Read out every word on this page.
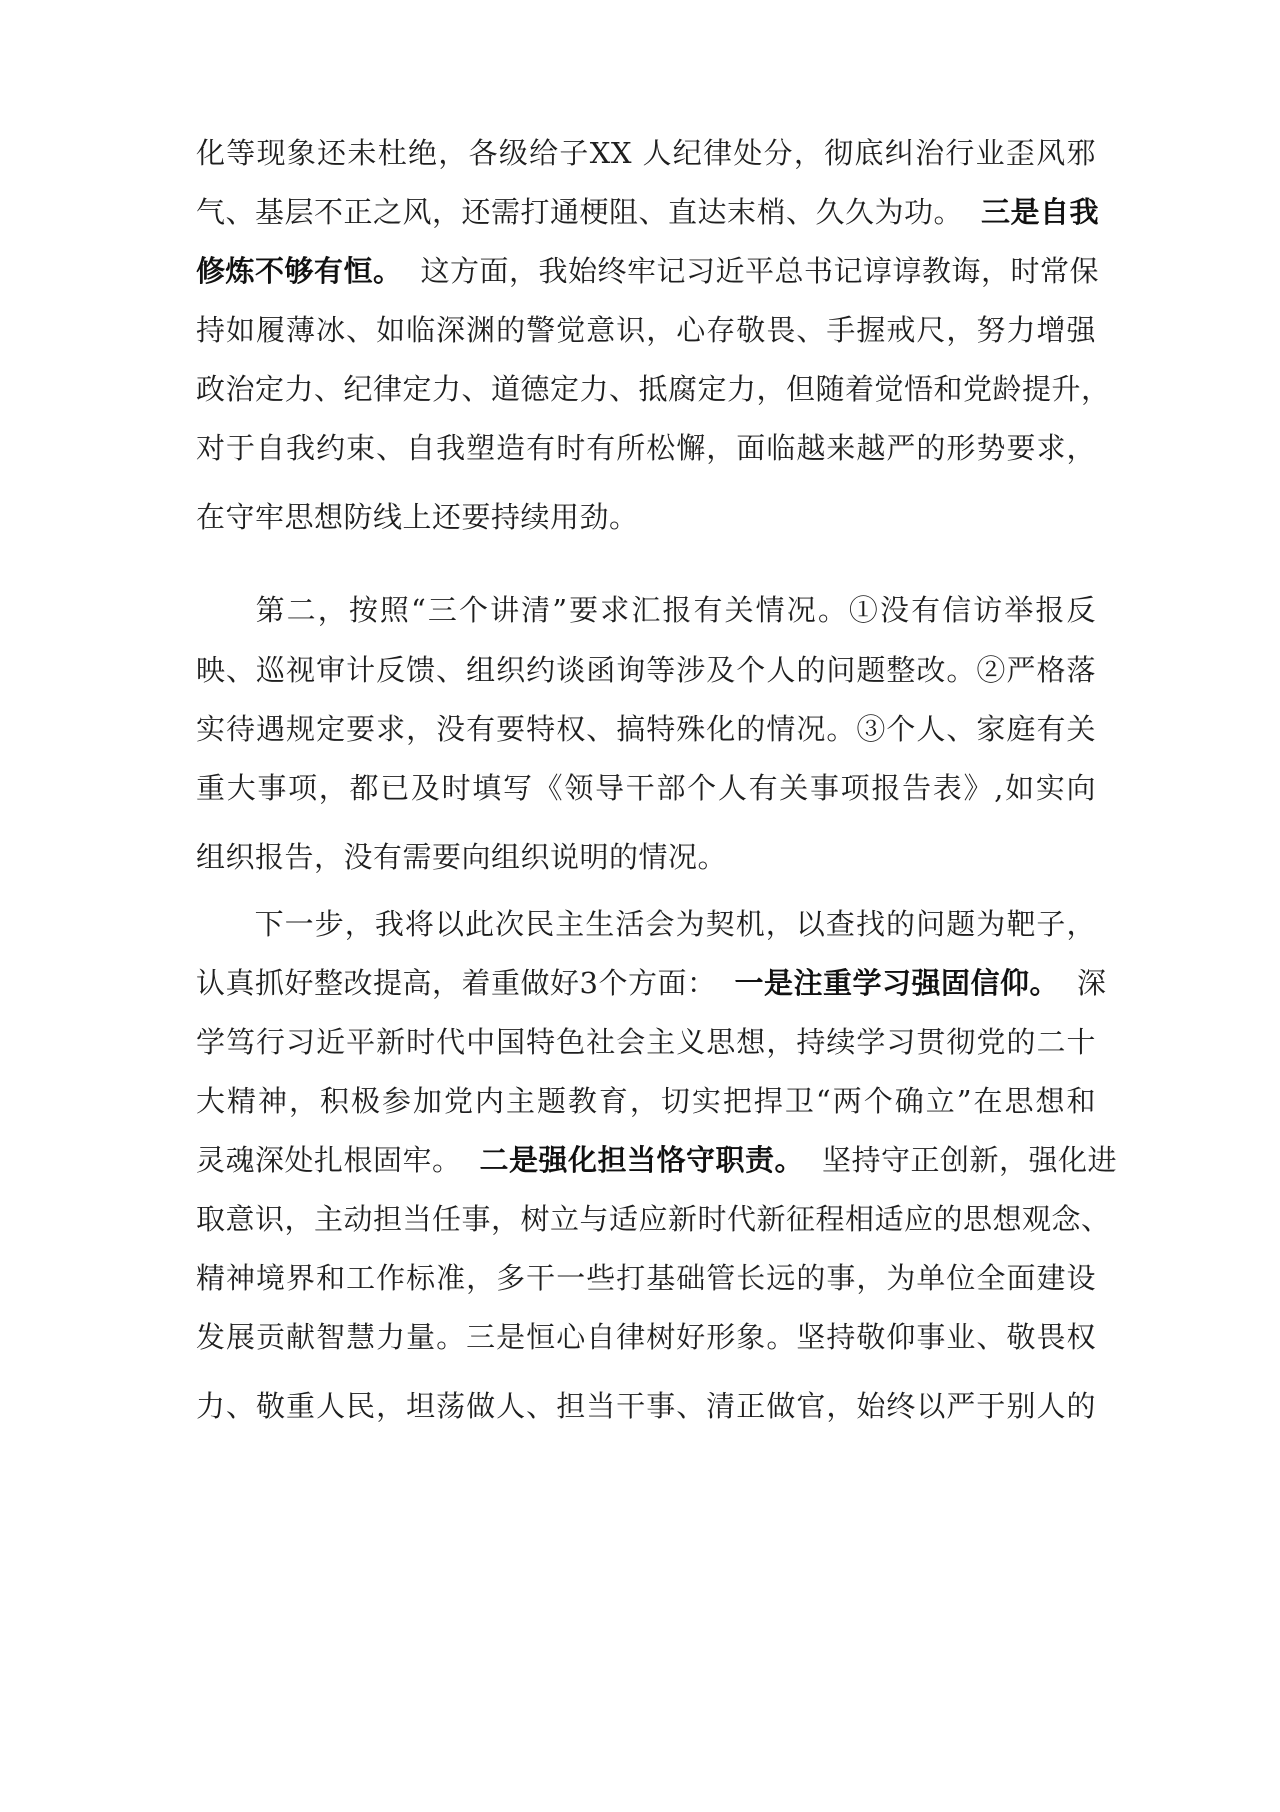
化等现象还未杜绝，各级给子XX 人纪律处分，彻底纠治行业歪风邪
气、基层不正之风，还需打通梗阻、直达末梢、久久为功。 三是自我
修炼不够有恒。 这方面，我始终牢记习近平总书记谆谆教诲，时常保
持如履薄冰、如临深渊的警觉意识，心存敬畏、手握戒尺，努力增强
政治定力、纪律定力、道德定力、抵腐定力，但随着觉悟和党龄提升，
对于自我约束、自我塑造有时有所松懈，面临越来越严的形势要求，
在守牢思想防线上还要持续用劲。
第二，按照“三个讲清”要求汇报有关情况。①没有信访举报反
映、巡视审计反馈、组织约谈函询等涉及个人的问题整改。②严格落
实待遇规定要求，没有要特权、搞特殊化的情况。③个人、家庭有关
重大事项，都已及时填写《领导干部个人有关事项报告表》,如实向
组织报告，没有需要向组织说明的情况。
下一步，我将以此次民主生活会为契机，以查找的问题为靶子，
认真抓好整改提高，着重做好3个方面： 一是注重学习强固信仰。 深
学笃行习近平新时代中国特色社会主义思想，持续学习贯彻党的二十
大精神，积极参加党内主题教育，切实把捍卫“两个确立”在思想和
灵魂深处扎根固牢。 二是强化担当恪守职责。 坚持守正创新，强化进
取意识，主动担当任事，树立与适应新时代新征程相适应的思想观念、
精神境界和工作标准，多干一些打基础管长远的事，为单位全面建设
发展贡献智慧力量。三是恒心自律树好形象。坚持敬仰事业、敬畏权
力、敬重人民，坦荡做人、担当干事、清正做官，始终以严于别人的
